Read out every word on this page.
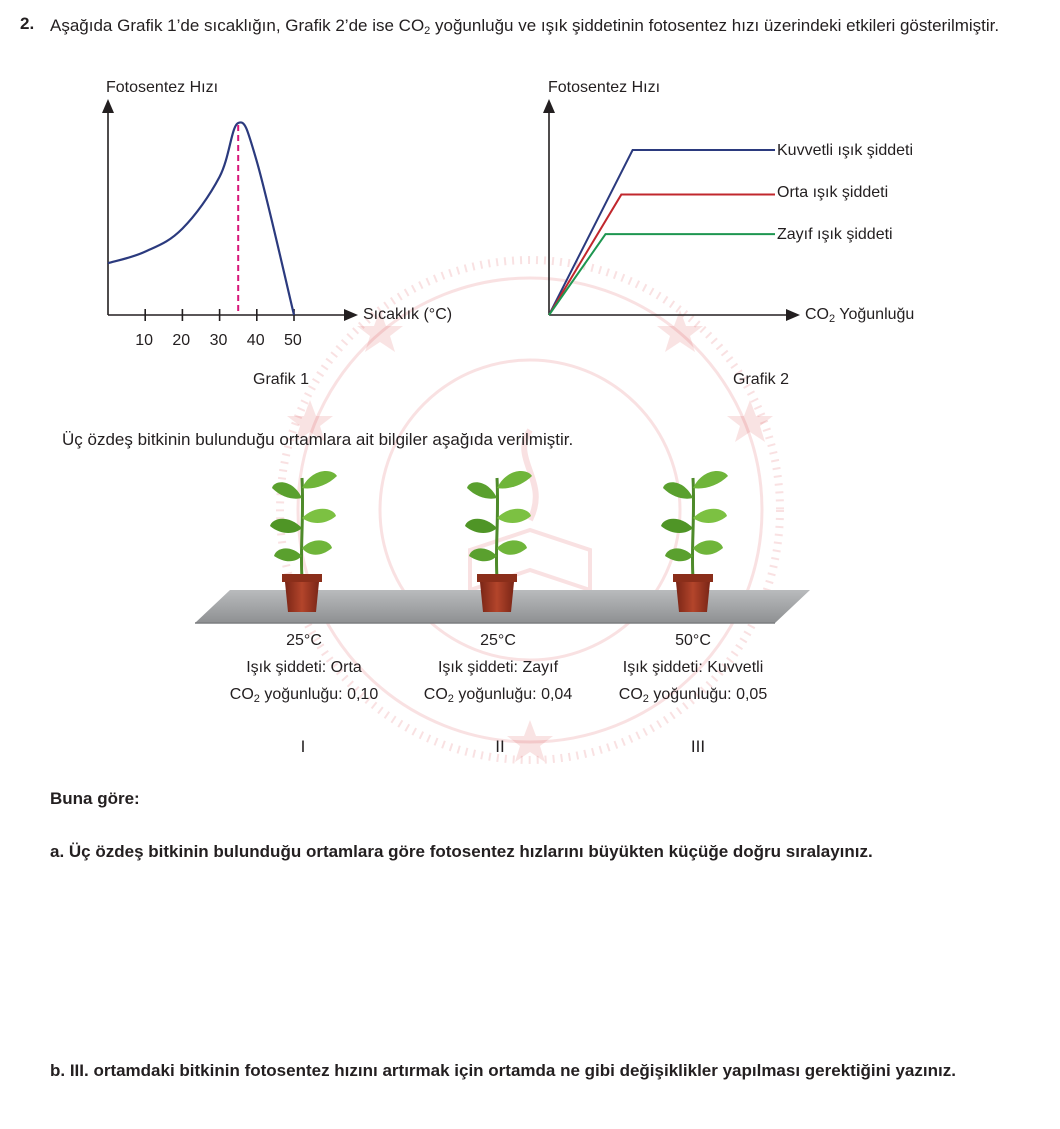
2. Aşağıda Grafik 1’de sıcaklığın, Grafik 2’de ise $CO_2$ yoğunluğu ve ışık şiddetinin fotosentez hızı üzerindeki etkileri gösterilmiştir.
Fotosentez Hızı
Sıcaklık (°C)
10 20 30 40 50
Grafik 1
Fotosentez Hızı
Kuvvetli ışık şiddeti
Orta ışık şiddeti
Zayıf ışık şiddeti
$CO_2$ Yoğunluğu
Grafik 2
Üç özdeş bitkinin bulunduğu ortamlara ait bilgiler aşağıda verilmiştir.
25°C
Işık şiddeti: Orta
$CO_2$ yoğunluğu: 0,10
25°C
Işık şiddeti: Zayıf
$CO_2$ yoğunluğu: 0,04
50°C
Işık şiddeti: Kuvvetli
$CO_2$ yoğunluğu: 0,05
I	II	III
Buna göre:
a. Üç özdeş bitkinin bulunduğu ortamlara göre fotosentez hızlarını büyükten küçüğe doğru sıralayınız.
b. III. ortamdaki bitkinin fotosentez hızını artırmak için ortamda ne gibi değişiklikler yapılması gerektiğini yazınız.
